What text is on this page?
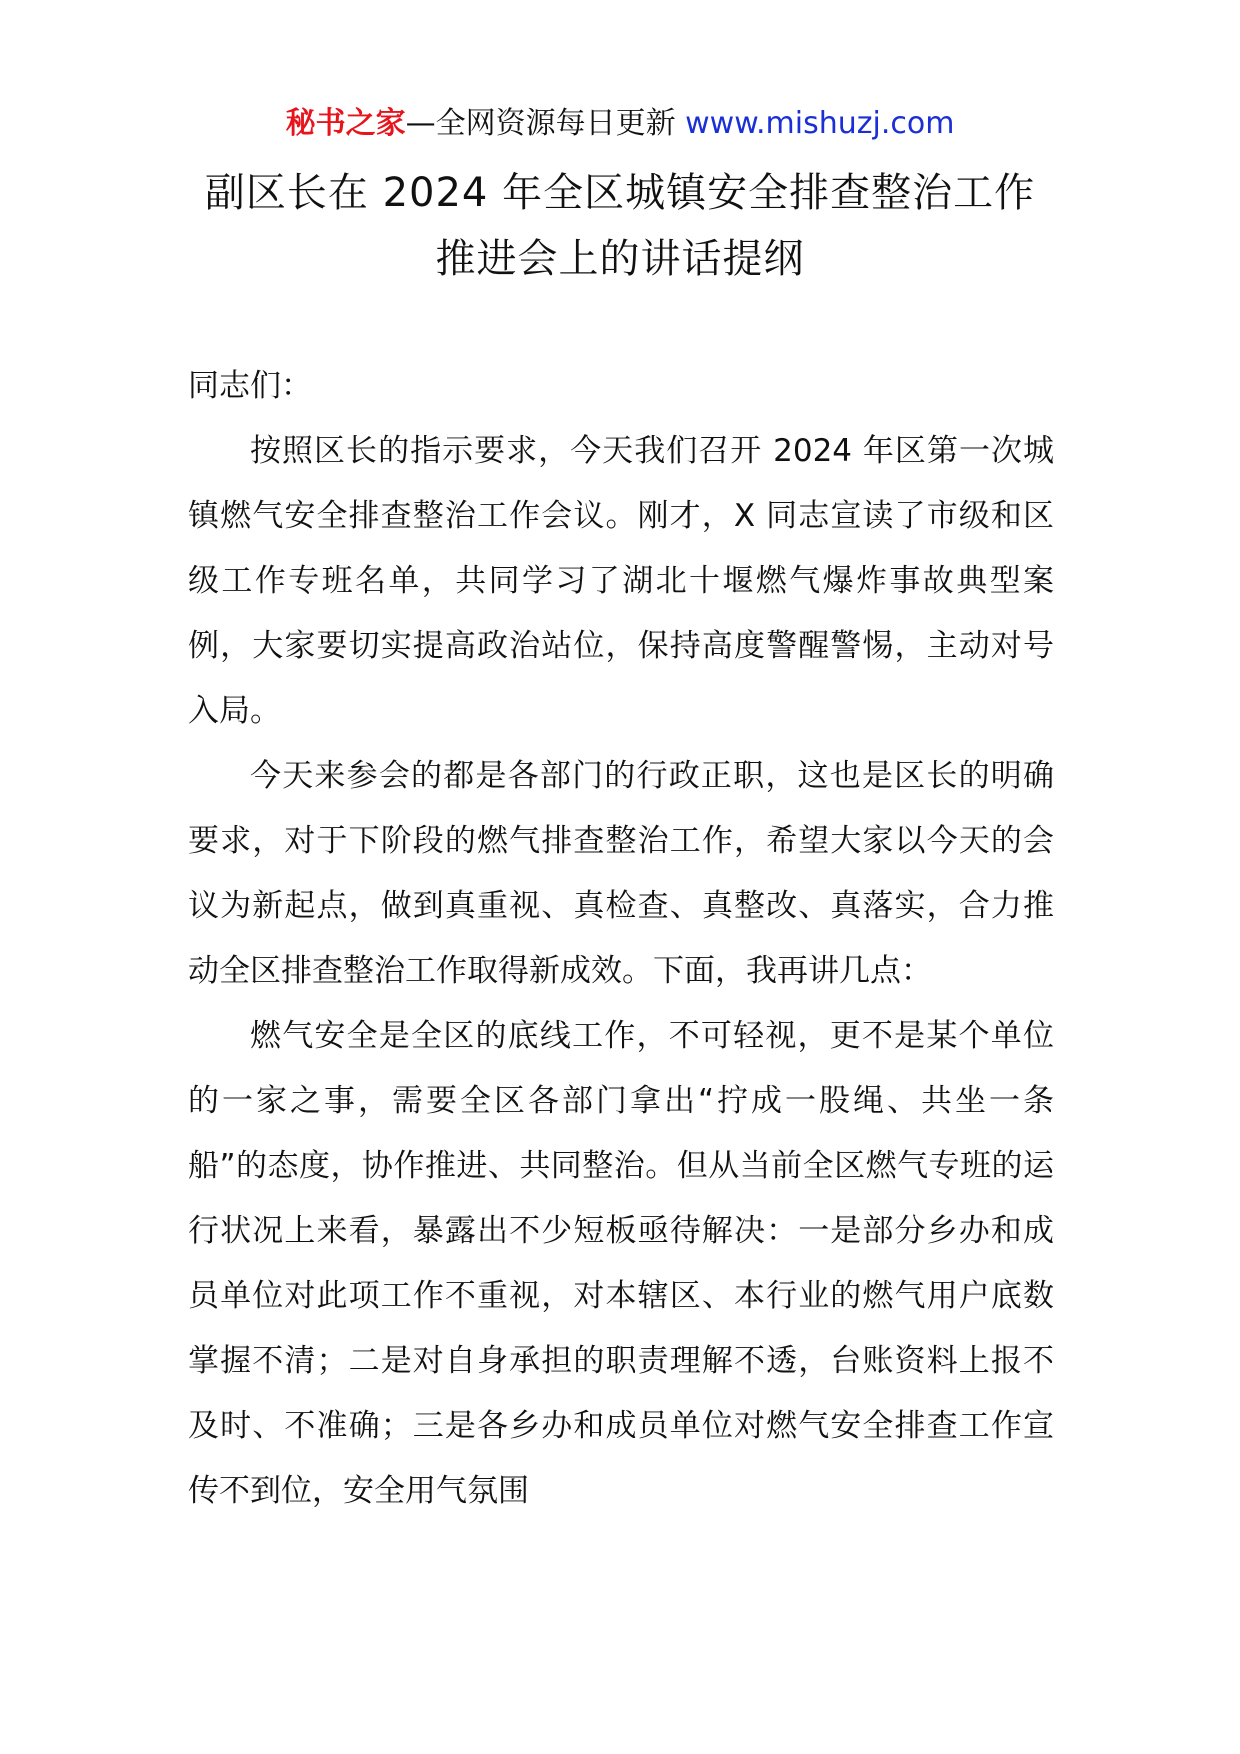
秘书之家—全网资源每日更新 www.mishuzj.com
副区长在 2024 年全区城镇安全排查整治工作
推进会上的讲话提纲

同志们：

按照区长的指示要求，今天我们召开 2024 年区第一次城镇燃气安全排查整治工作会议。刚才，X 同志宣读了市级和区级工作专班名单，共同学习了湖北十堰燃气爆炸事故典型案例，大家要切实提高政治站位，保持高度警醒警惕，主动对号入局。

今天来参会的都是各部门的行政正职，这也是区长的明确要求，对于下阶段的燃气排查整治工作，希望大家以今天的会议为新起点，做到真重视、真检查、真整改、真落实，合力推动全区排查整治工作取得新成效。下面，我再讲几点：

燃气安全是全区的底线工作，不可轻视，更不是某个单位的一家之事，需要全区各部门拿出“拧成一股绳、共坐一条船”的态度，协作推进、共同整治。但从当前全区燃气专班的运行状况上来看，暴露出不少短板亟待解决：一是部分乡办和成员单位对此项工作不重视，对本辖区、本行业的燃气用户底数掌握不清；二是对自身承担的职责理解不透，台账资料上报不及时、不准确；三是各乡办和成员单位对燃气安全排查工作宣传不到位，安全用气氛围
